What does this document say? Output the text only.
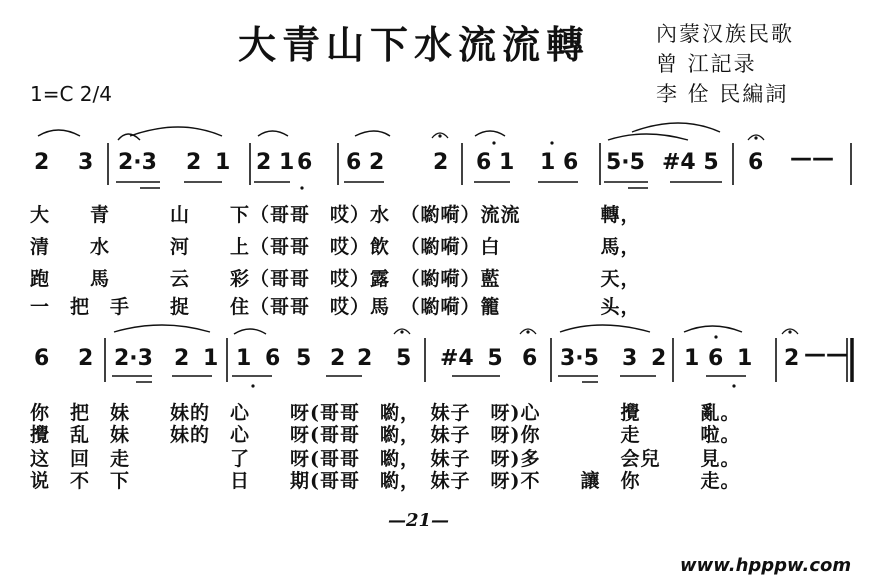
大青山下水流流轉	內蒙汉族民歌
曾 江記录
李 佺 民編詞
1=C 2/4
2 3 2·3 2 1 2 1 6 6 2 2 6 1 1 6 5·5 #4 5 6 ——
大　　青　　　山　　下（哥哥　哎）水　（喲嗬）流流　　　　轉，
清　　水　　　河　　上（哥哥　哎）飲　（喲嗬）白　　　　　馬，
跑　　馬　　　云　　彩（哥哥　哎）露　（喲嗬）藍　　　　　天，
一　把　手　　捉　　住（哥哥　哎）馬　（喲嗬）籠　　　　　头，
6 2 2·3 2 1 1 6 5 2 2 5 #4 5 6 3·5 3 2 1 6 1 2 ——
你　把　妹　　妹的　心　　呀(哥哥　喲，　妹子　呀)心　　　　攪　　　亂。
攪　乱　妹　　妹的　心　　呀(哥哥　喲，　妹子　呀)你　　　　走　　　啦。
这　回　走　　　　　了　　呀(哥哥　喲，　妹子　呀)多　　　　会兒　　見。
说　不　下　　　　　日　　期(哥哥　喲，　妹子　呀)不　　讓　你　　　走。
—21—
www.hpppw.com
